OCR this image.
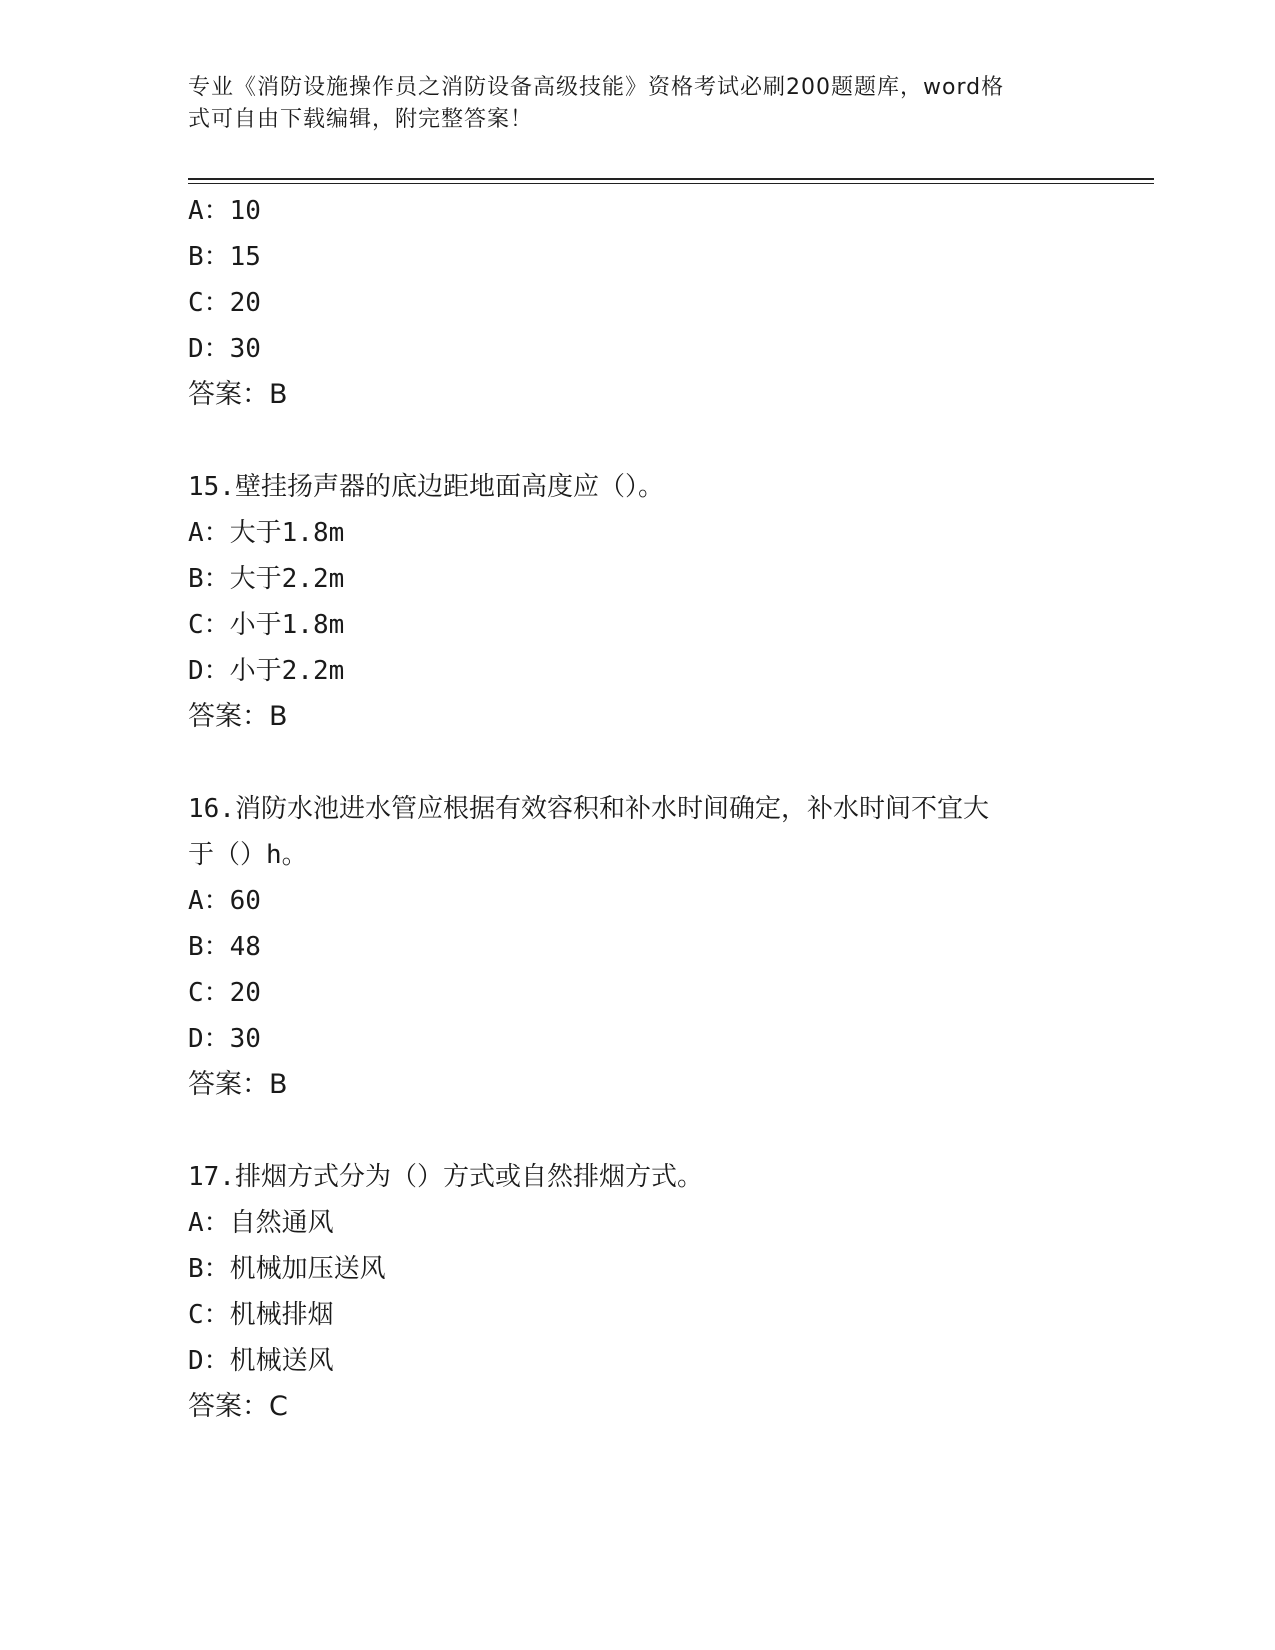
专业《消防设施操作员之消防设备高级技能》资格考试必刷200题题库，word格
式可自由下载编辑，附完整答案！
A：10
B：15
C：20
D：30
答案：B
15.壁挂扬声器的底边距地面高度应（）。
A：大于1.8m
B：大于2.2m
C：小于1.8m
D：小于2.2m
答案：B
16.消防水池进水管应根据有效容积和补水时间确定，补水时间不宜大
于（）h。
A：60
B：48
C：20
D：30
答案：B
17.排烟方式分为（）方式或自然排烟方式。
A：自然通风
B：机械加压送风
C：机械排烟
D：机械送风
答案：C
